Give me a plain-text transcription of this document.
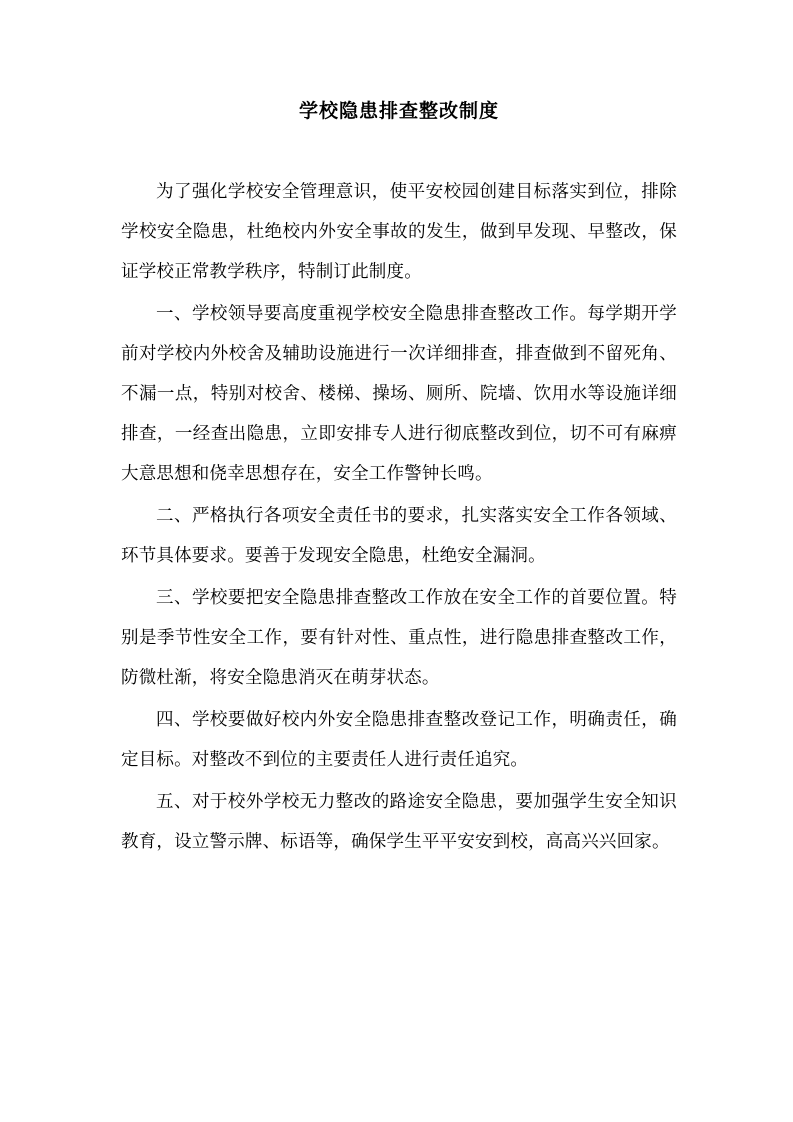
学校隐患排查整改制度

为了强化学校安全管理意识，使平安校园创建目标落实到位，排除学校安全隐患，杜绝校内外安全事故的发生，做到早发现、早整改，保证学校正常教学秩序，特制订此制度。

一、学校领导要高度重视学校安全隐患排查整改工作。每学期开学前对学校内外校舍及辅助设施进行一次详细排查，排查做到不留死角、不漏一点，特别对校舍、楼梯、操场、厕所、院墙、饮用水等设施详细排查，一经查出隐患，立即安排专人进行彻底整改到位，切不可有麻痹大意思想和侥幸思想存在，安全工作警钟长鸣。

二、严格执行各项安全责任书的要求，扎实落实安全工作各领域、环节具体要求。要善于发现安全隐患，杜绝安全漏洞。

三、学校要把安全隐患排查整改工作放在安全工作的首要位置。特别是季节性安全工作，要有针对性、重点性，进行隐患排查整改工作，防微杜渐，将安全隐患消灭在萌芽状态。

四、学校要做好校内外安全隐患排查整改登记工作，明确责任，确定目标。对整改不到位的主要责任人进行责任追究。

五、对于校外学校无力整改的路途安全隐患，要加强学生安全知识教育，设立警示牌、标语等，确保学生平平安安到校，高高兴兴回家。
